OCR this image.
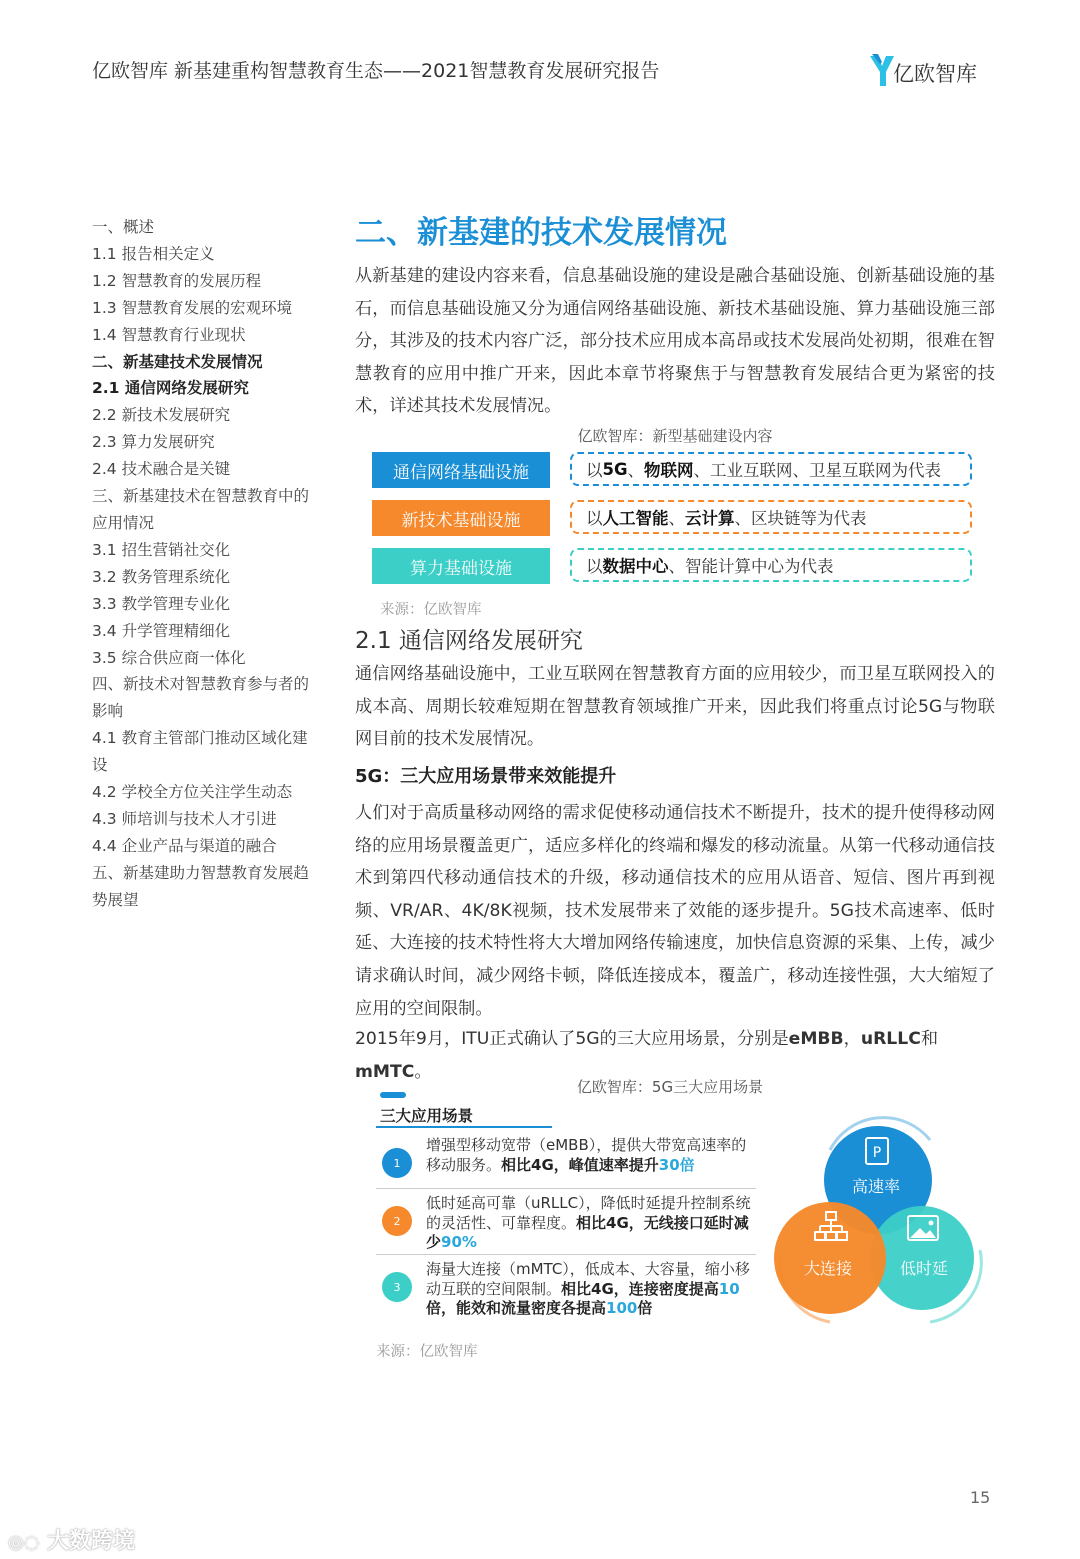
亿欧智库 新基建重构智慧教育生态——2021智慧教育发展研究报告	亿欧智库
一、概述
1.1 报告相关定义
1.2 智慧教育的发展历程
1.3 智慧教育发展的宏观环境
1.4 智慧教育行业现状
二、新基建技术发展情况
2.1 通信网络发展研究
2.2 新技术发展研究
2.3 算力发展研究
2.4 技术融合是关键
三、新基建技术在智慧教育中的应用情况
3.1 招生营销社交化
3.2 教务管理系统化
3.3 教学管理专业化
3.4 升学管理精细化
3.5 综合供应商一体化
四、新技术对智慧教育参与者的影响
4.1 教育主管部门推动区域化建设
4.2 学校全方位关注学生动态
4.3 师培训与技术人才引进
4.4 企业产品与渠道的融合
五、新基建助力智慧教育发展趋势展望
二、新基建的技术发展情况

从新基建的建设内容来看，信息基础设施的建设是融合基础设施、创新基础设施的基石，而信息基础设施又分为通信网络基础设施、新技术基础设施、算力基础设施三部分，其涉及的技术内容广泛，部分技术应用成本高昂或技术发展尚处初期，很难在智慧教育的应用中推广开来，因此本章节将聚焦于与智慧教育发展结合更为紧密的技术，详述其技术发展情况。

亿欧智库：新型基础建设内容
通信网络基础设施	以 5G 、 物联网 、工业互联网、卫星互联网为代表
新技术基础设施	以 人工智能 、 云计算 、区块链等为代表
算力基础设施	以 数据中心 、智能计算中心为代表
来源：亿欧智库
2.1 通信网络发展研究

通信网络基础设施中，工业互联网在智慧教育方面的应用较少，而卫星互联网投入的成本高、周期长较难短期在智慧教育领域推广开来，因此我们将重点讨论5G与物联网目前的技术发展情况。

5G：三大应用场景带来效能提升

人们对于高质量移动网络的需求促使移动通信技术不断提升，技术的提升使得移动网络的应用场景覆盖更广，适应多样化的终端和爆发的移动流量。从第一代移动通信技术到第四代移动通信技术的升级，移动通信技术的应用从语音、短信、图片再到视频、VR/AR、4K/8K视频，技术发展带来了效能的逐步提升。5G技术高速率、低时延、大连接的技术特性将大大增加网络传输速度，加快信息资源的采集、上传，减少请求确认时间，减少网络卡顿，降低连接成本，覆盖广，移动连接性强，大大缩短了应用的空间限制。

2015年9月，ITU正式确认了5G的三大应用场景，分别是eMBB，uRLLC和
mMTC。

亿欧智库：5G三大应用场景
三大应用场景
1
增强型移动宽带（eMBB），提供大带宽高速率的移动服务。相比4G，峰值速率提升30倍
2
低时延高可靠（uRLLC），降低时延提升控制系统的灵活性、可靠程度。相比4G，无线接口延时减少90%
3
海量大连接（mMTC），低成本、大容量，缩小移动互联的空间限制。相比4G，连接密度提高10倍，能效和流量密度各提高100倍
P
高速率
大连接	低时延
来源：亿欧智库
15
◎◌ 大数跨境
